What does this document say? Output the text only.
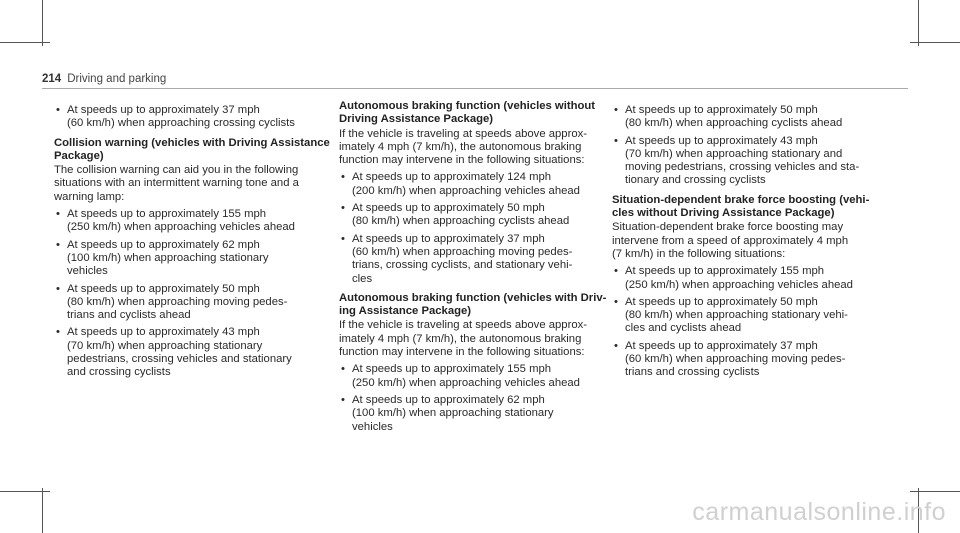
214 Driving and parking
• At speeds up to approximately 37 mph
(60 km/h) when approaching crossing cyclists
Collision warning (vehicles with Driving Assistance
Package)

The collision warning can aid you in the following
situations with an intermittent warning tone and a
warning lamp:

• At speeds up to approximately 155 mph
(250 km/h) when approaching vehicles ahead
• At speeds up to approximately 62 mph
(100 km/h) when approaching stationary
vehicles
• At speeds up to approximately 50 mph
(80 km/h) when approaching moving pedes-
trians and cyclists ahead
• At speeds up to approximately 43 mph
(70 km/h) when approaching stationary
pedestrians, crossing vehicles and stationary
and crossing cyclists
Autonomous braking function (vehicles without
Driving Assistance Package)

If the vehicle is traveling at speeds above approx-
imately 4 mph (7 km/h), the autonomous braking
function may intervene in the following situations:

• At speeds up to approximately 124 mph
(200 km/h) when approaching vehicles ahead
• At speeds up to approximately 50 mph
(80 km/h) when approaching cyclists ahead
• At speeds up to approximately 37 mph
(60 km/h) when approaching moving pedes-
trians, crossing cyclists, and stationary vehi-
cles
Autonomous braking function (vehicles with Driv-
ing Assistance Package)

If the vehicle is traveling at speeds above approx-
imately 4 mph (7 km/h), the autonomous braking
function may intervene in the following situations:

• At speeds up to approximately 155 mph
(250 km/h) when approaching vehicles ahead
• At speeds up to approximately 62 mph
(100 km/h) when approaching stationary
vehicles
• At speeds up to approximately 50 mph
(80 km/h) when approaching cyclists ahead
• At speeds up to approximately 43 mph
(70 km/h) when approaching stationary and
moving pedestrians, crossing vehicles and sta-
tionary and crossing cyclists
Situation-dependent brake force boosting (vehi-
cles without Driving Assistance Package)

Situation-dependent brake force boosting may
intervene from a speed of approximately 4 mph
(7 km/h) in the following situations:

• At speeds up to approximately 155 mph
(250 km/h) when approaching vehicles ahead
• At speeds up to approximately 50 mph
(80 km/h) when approaching stationary vehi-
cles and cyclists ahead
• At speeds up to approximately 37 mph
(60 km/h) when approaching moving pedes-
trians and crossing cyclists
carmanualsonline.info
